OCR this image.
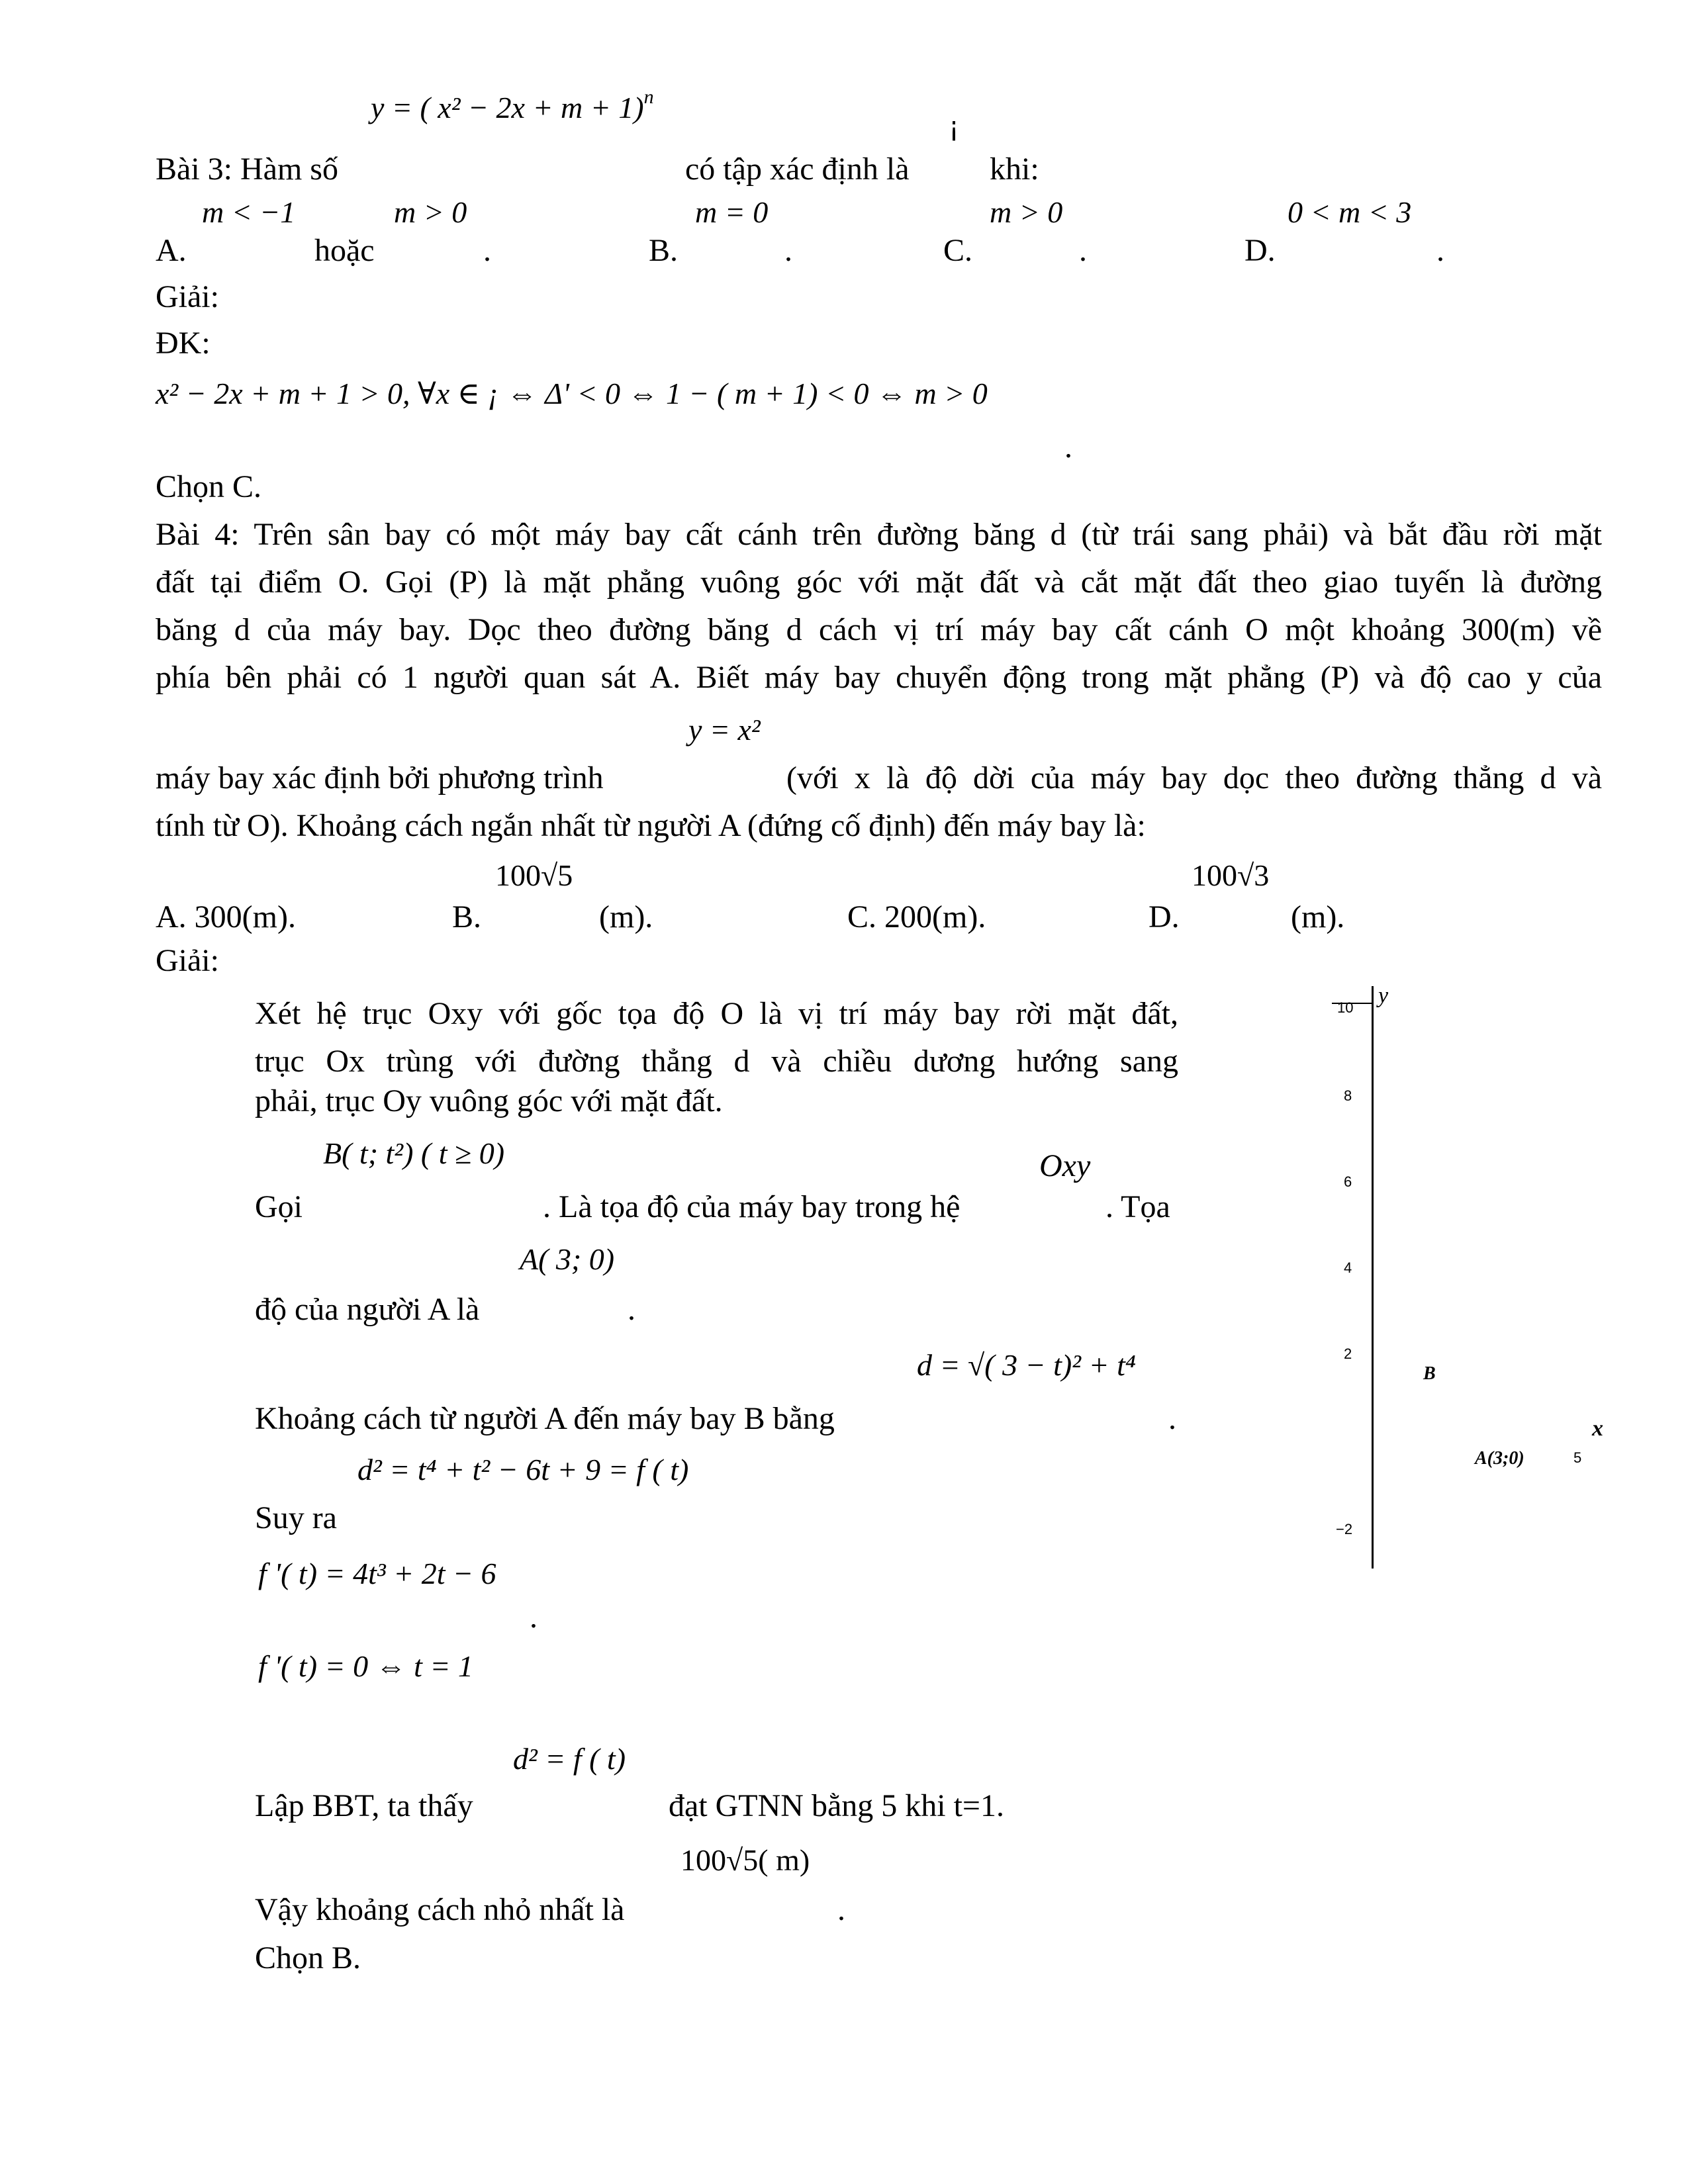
y = ( x² − 2x + m + 1)$^n$
¡
Bài 3: Hàm số	có tập xác định là	khi:
m < −1	m > 0	m = 0	m > 0	0 < m < 3
A.	hoặc	.	B.	.	C.	.	D.	.
Giải:
ĐK:
x² − 2x + m + 1 > 0, ∀x ∈ ¡ ⇔ Δ' < 0 ⇔ 1 − ( m + 1) < 0 ⇔ m > 0
.
Chọn C.
Bài 4: Trên sân bay có một máy bay cất cánh trên đường băng d (từ trái sang phải) và bắt đầu rời mặt
đất tại điểm O. Gọi (P) là mặt phẳng vuông góc với mặt đất và cắt mặt đất theo giao tuyến là đường
băng d của máy bay. Dọc theo đường băng d cách vị trí máy bay cất cánh O một khoảng 300(m) về
phía bên phải có 1 người quan sát A. Biết máy bay chuyển động trong mặt phẳng (P) và độ cao y của
y = x²
máy bay xác định bởi phương trình	(với x là độ dời của máy bay dọc theo đường thẳng d và
tính từ O). Khoảng cách ngắn nhất từ người A (đứng cố định) đến máy bay là:
100√5	100√3
A. 300(m).	B.	(m).	C. 200(m).	D.	(m).
Giải:
Xét hệ trục Oxy với gốc tọa độ O là vị trí máy bay rời mặt đất,
trục Ox trùng với đường thẳng d và chiều dương hướng sang
phải, trục Oy vuông góc với mặt đất.
B( t; t²) ( t ≥ 0)	Oxy
Gọi	. Là tọa độ của máy bay trong hệ	. Tọa
A( 3; 0)
độ của người A là	.
d = √( 3 − t)² + t⁴
Khoảng cách từ người A đến máy bay B bằng	.
d² = t⁴ + t² − 6t + 9 = f ( t)
Suy ra
f '( t) = 4t³ + 2t − 6
.
f '( t) = 0 ⇔ t = 1
d² = f ( t)
Lập BBT, ta thấy	đạt GTNN bằng 5 khi t=1.
100√5( m)
Vậy khoảng cách nhỏ nhất là	.
Chọn B.
y
10
8
6
4
2
−2
B
x
A(3;0)	5
